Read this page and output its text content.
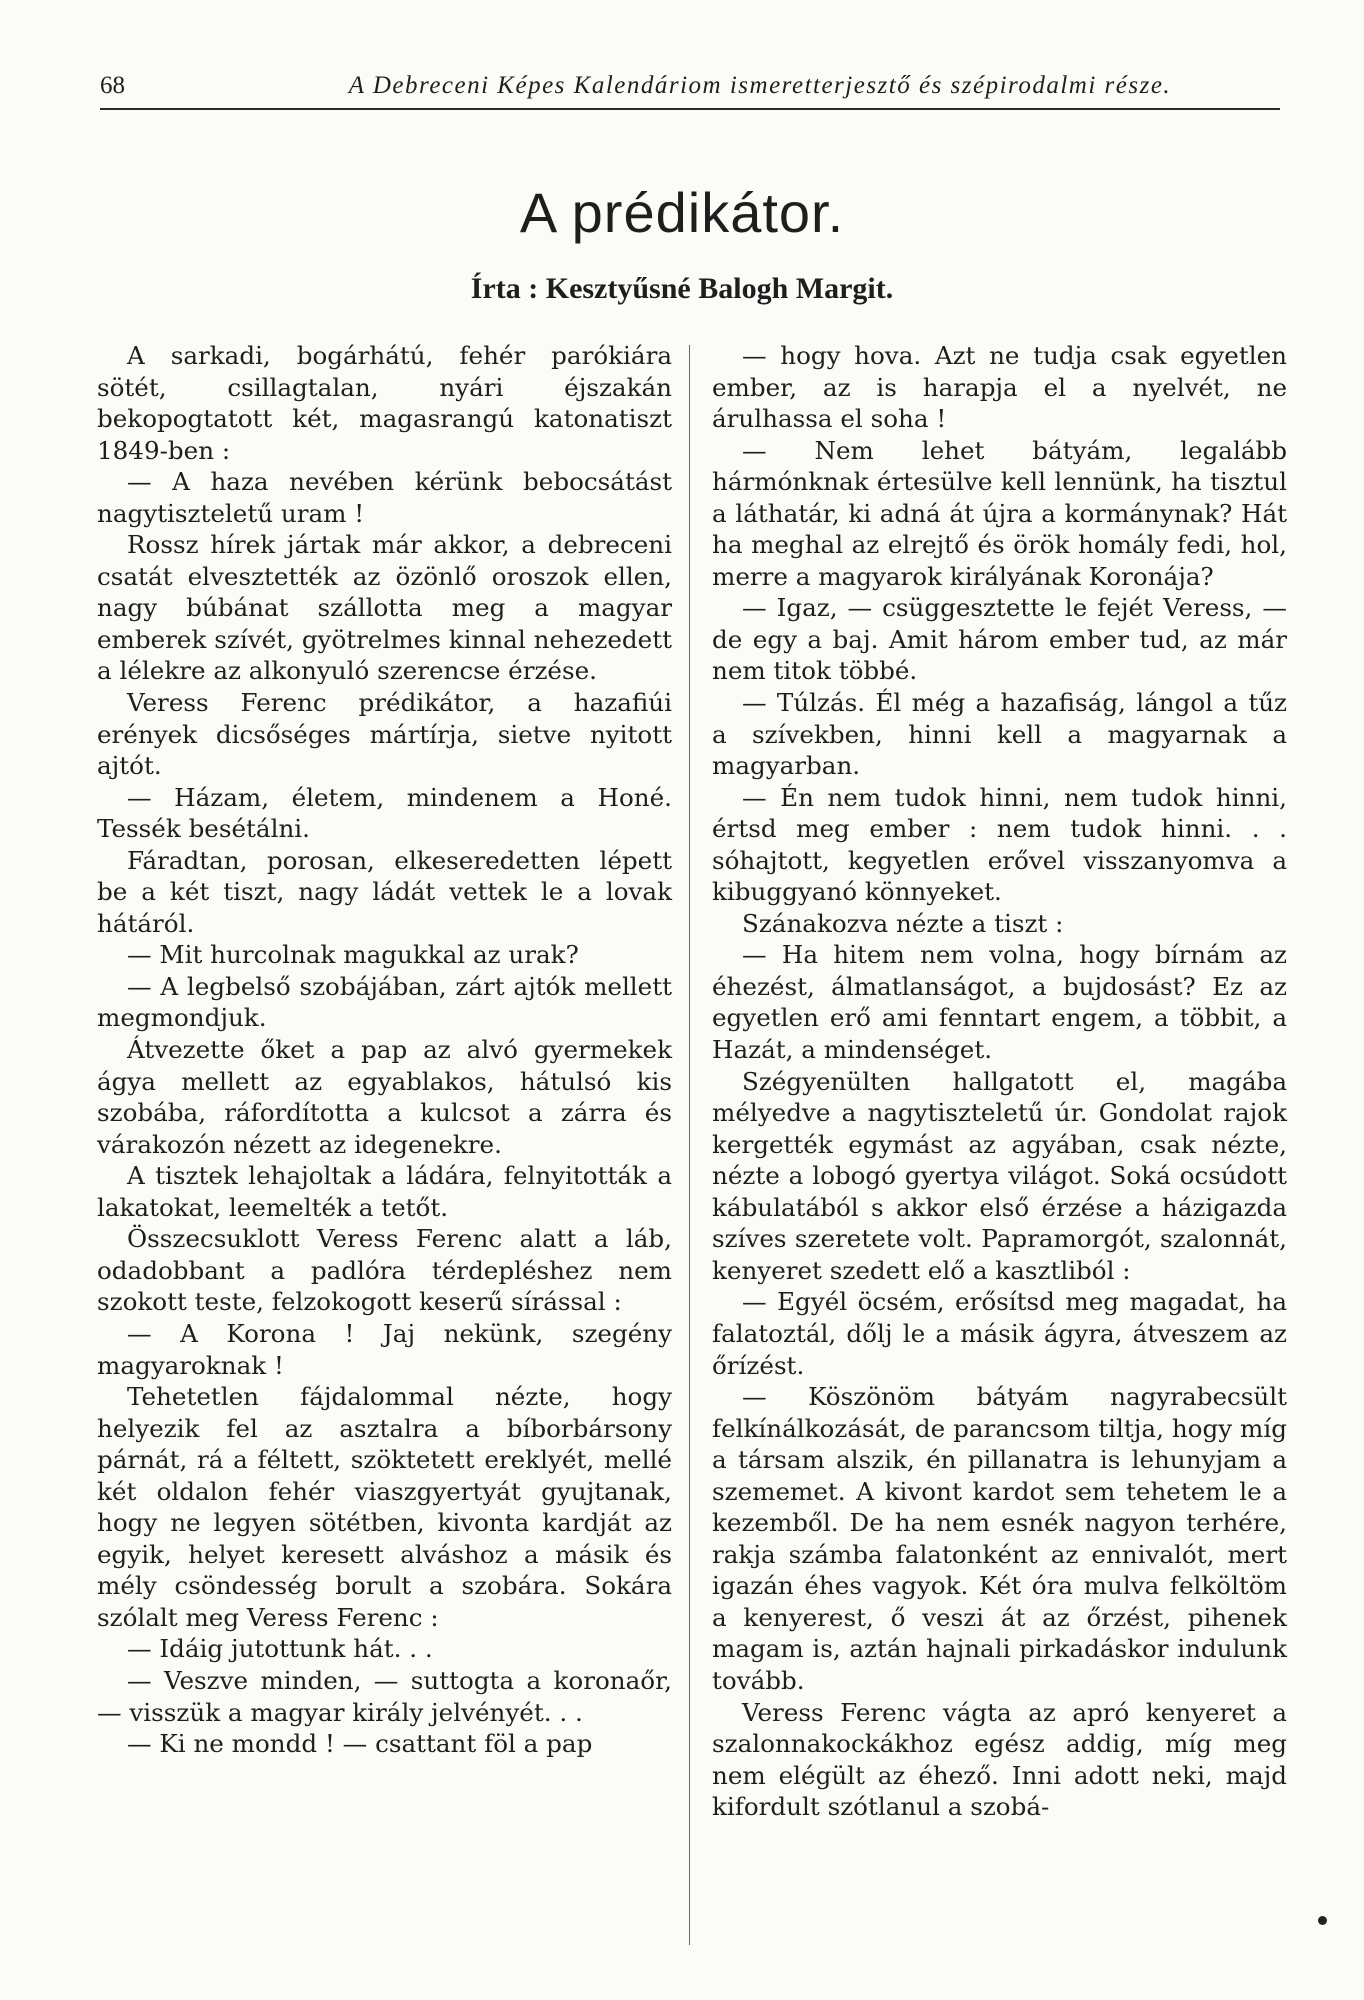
68	A Debreceni Képes Kalendáriom ismeretterjesztő és szépirodalmi része.
A prédikátor.
Írta : Kesztyűsné Balogh Margit.

A sarkadi, bogárhátú, fehér parókiára sötét, csillagtalan, nyári éjszakán bekopogtatott két, magasrangú katonatiszt 1849-ben :

— A haza nevében kérünk bebocsátást nagytiszteletű uram !

Rossz hírek jártak már akkor, a debreceni csatát elvesztették az özönlő oroszok ellen, nagy búbánat szállotta meg a magyar emberek szívét, gyötrelmes kinnal nehezedett a lélekre az alkonyuló szerencse érzése.

Veress Ferenc prédikátor, a hazafiúi erények dicsőséges mártírja, sietve nyitott ajtót.

— Házam, életem, mindenem a Honé. Tessék besétálni.

Fáradtan, porosan, elkeseredetten lépett be a két tiszt, nagy ládát vettek le a lovak hátáról.

— Mit hurcolnak magukkal az urak?

— A legbelső szobájában, zárt ajtók mellett megmondjuk.

Átvezette őket a pap az alvó gyermekek ágya mellett az egyablakos, hátulsó kis szobába, ráfordította a kulcsot a zárra és várakozón nézett az idegenekre.

A tisztek lehajoltak a ládára, felnyitották a lakatokat, leemelték a tetőt.

Összecsuklott Veress Ferenc alatt a láb, odadobbant a padlóra térdepléshez nem szokott teste, felzokogott keserű sírással :

— A Korona ! Jaj nekünk, szegény magyaroknak !

Tehetetlen fájdalommal nézte, hogy helyezik fel az asztalra a bíborbársony párnát, rá a féltett, szöktetett ereklyét, mellé két oldalon fehér viaszgyertyát gyujtanak, hogy ne legyen sötétben, kivonta kardját az egyik, helyet keresett alváshoz a másik és mély csöndesség borult a szobára. Sokára szólalt meg Veress Ferenc :

— Idáig jutottunk hát. . .

— Veszve minden, — suttogta a koronaőr, — visszük a magyar király jelvényét. . .

— Ki ne mondd ! — csattant föl a pap

— hogy hova. Azt ne tudja csak egyetlen ember, az is harapja el a nyelvét, ne árulhassa el soha !

— Nem lehet bátyám, legalább hármónknak értesülve kell lennünk, ha tisztul a láthatár, ki adná át újra a kormánynak? Hát ha meghal az elrejtő és örök homály fedi, hol, merre a magyarok királyának Koronája?

— Igaz, — csüggesztette le fejét Veress, — de egy a baj. Amit három ember tud, az már nem titok többé.

— Túlzás. Él még a hazafiság, lángol a tűz a szívekben, hinni kell a magyarnak a magyarban.

— Én nem tudok hinni, nem tudok hinni, értsd meg ember : nem tudok hinni. . . sóhajtott, kegyetlen erővel visszanyomva a kibuggyanó könnyeket.

Szánakozva nézte a tiszt :

— Ha hitem nem volna, hogy bírnám az éhezést, álmatlanságot, a bujdosást? Ez az egyetlen erő ami fenntart engem, a többit, a Hazát, a mindenséget.

Szégyenülten hallgatott el, magába mélyedve a nagytiszteletű úr. Gondolat rajok kergették egymást az agyában, csak nézte, nézte a lobogó gyertya világot. Soká ocsúdott kábulatából s akkor első érzése a házigazda szíves szeretete volt. Papramorgót, szalonnát, kenyeret szedett elő a kasztliból :

— Egyél öcsém, erősítsd meg magadat, ha falatoztál, dőlj le a másik ágyra, átveszem az őrízést.

— Köszönöm bátyám nagyrabecsült felkínálkozását, de parancsom tiltja, hogy míg a társam alszik, én pillanatra is lehunyjam a szememet. A kivont kardot sem tehetem le a kezemből. De ha nem esnék nagyon terhére, rakja számba falatonként az ennivalót, mert igazán éhes vagyok. Két óra mulva felköltöm a kenyerest, ő veszi át az őrzést, pihenek magam is, aztán hajnali pirkadáskor indulunk tovább.

Veress Ferenc vágta az apró kenyeret a szalonnakockákhoz egész addig, míg meg nem elégült az éhező. Inni adott neki, majd kifordult szótlanul a szobá-
